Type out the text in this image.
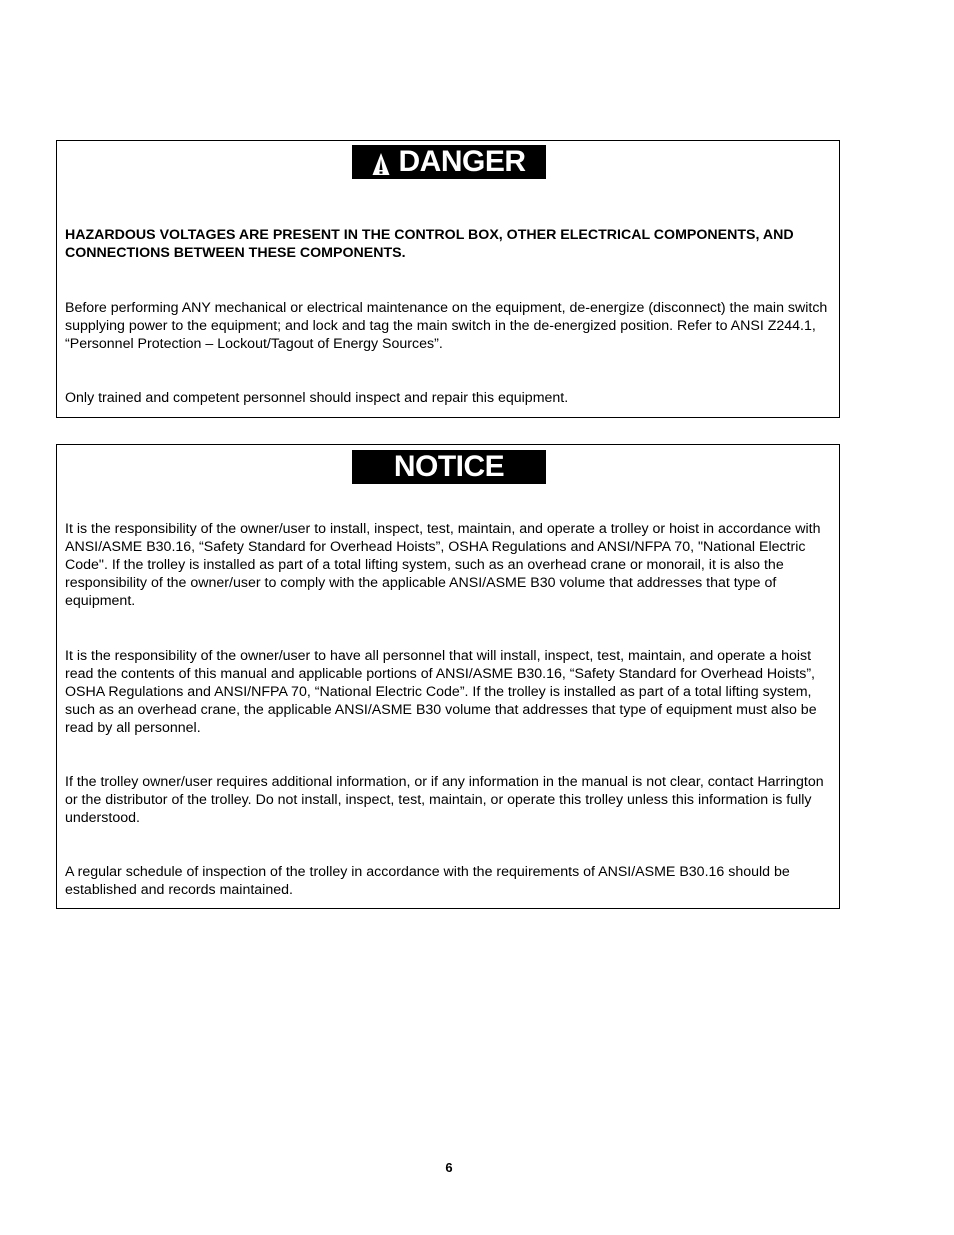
DANGER

HAZARDOUS VOLTAGES ARE PRESENT IN THE CONTROL BOX, OTHER ELECTRICAL COMPONENTS, AND CONNECTIONS BETWEEN THESE COMPONENTS.

Before performing ANY mechanical or electrical maintenance on the equipment, de-energize (disconnect) the main switch supplying power to the equipment; and lock and tag the main switch in the de-energized position. Refer to ANSI Z244.1, “Personnel Protection – Lockout/Tagout of Energy Sources”.

Only trained and competent personnel should inspect and repair this equipment.

NOTICE

It is the responsibility of the owner/user to install, inspect, test, maintain, and operate a trolley or hoist in accordance with ANSI/ASME B30.16, “Safety Standard for Overhead Hoists”, OSHA Regulations and ANSI/NFPA 70, "National Electric Code". If the trolley is installed as part of a total lifting system, such as an overhead crane or monorail, it is also the responsibility of the owner/user to comply with the applicable ANSI/ASME B30 volume that addresses that type of equipment.

It is the responsibility of the owner/user to have all personnel that will install, inspect, test, maintain, and operate a hoist read the contents of this manual and applicable portions of ANSI/ASME B30.16, “Safety Standard for Overhead Hoists”, OSHA Regulations and ANSI/NFPA 70, “National Electric Code”. If the trolley is installed as part of a total lifting system, such as an overhead crane, the applicable ANSI/ASME B30 volume that addresses that type of equipment must also be read by all personnel.

If the trolley owner/user requires additional information, or if any information in the manual is not clear, contact Harrington or the distributor of the trolley. Do not install, inspect, test, maintain, or operate this trolley unless this information is fully understood.

A regular schedule of inspection of the trolley in accordance with the requirements of ANSI/ASME B30.16 should be established and records maintained.

6
